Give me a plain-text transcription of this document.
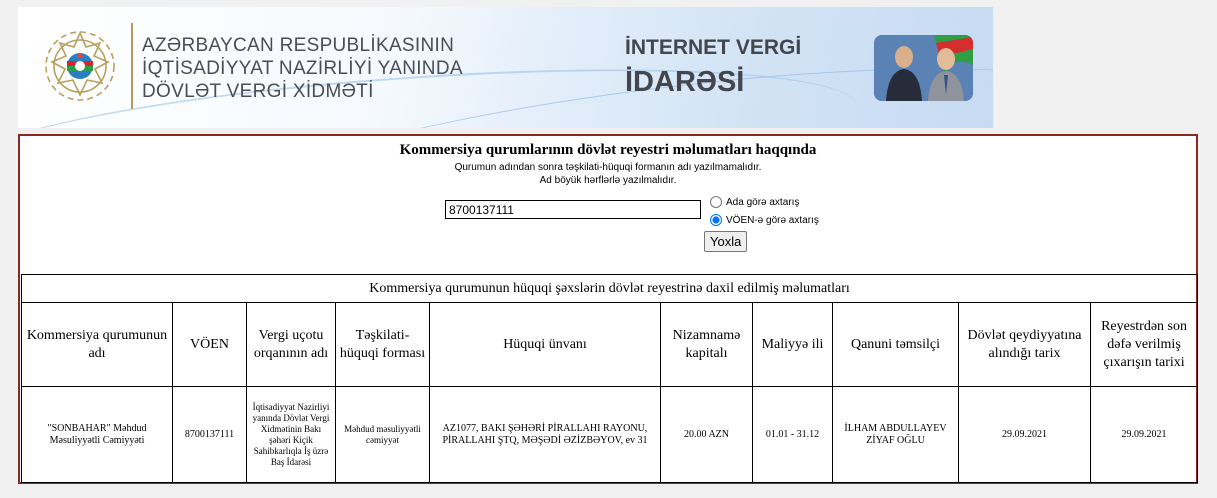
AZƏRBAYCAN RESPUBLİKASININ
İQTİSADİYYAT NAZİRLİYİ YANINDA
DÖVLƏT VERGİ XİDMƏTİ
İNTERNET VERGİ
İDARƏSİ
Kommersiya qurumlarının dövlət reyestri məlumatları haqqında
Qurumun adından sonra təşkilati-hüquqi formanın adı yazılmamalıdır.
Ad böyük hərflərlə yazılmalıdır.
8700137111
Ada görə axtarış
VÖEN-ə görə axtarış
Yoxla
Kommersiya qurumunun hüquqi şəxslərin dövlət reyestrinə daxil edilmiş məlumatları									
Kommersiya qurumunun adı	VÖEN	Vergi uçotu orqanının adı	Təşkilati-hüquqi forması	Hüquqi ünvanı	Nizamnamə kapitalı	Maliyyə ili	Qanuni təmsilçi	Dövlət qeydiyyatına alındığı tarix	Reyestrdən son dəfə verilmiş çıxarışın tarixi
"SONBAHAR" Məhdud Məsuliyyətli Cəmiyyəti	8700137111	İqtisadiyyat Nazirliyi yanında Dövlət Vergi Xidmətinin Bakı şəhəri Kiçik Sahibkarlıqla İş üzrə Baş İdarəsi	Məhdud məsuliyyətli cəmiyyət	AZ1077, BAKI ŞƏHƏRİ PİRALLAHI RAYONU, PİRALLAHI ŞTQ, MƏŞƏDİ ƏZİZBƏYOV, ev 31	20.00 AZN	01.01 - 31.12	İLHAM ABDULLAYEV ZİYAF OĞLU	29.09.2021	29.09.2021
